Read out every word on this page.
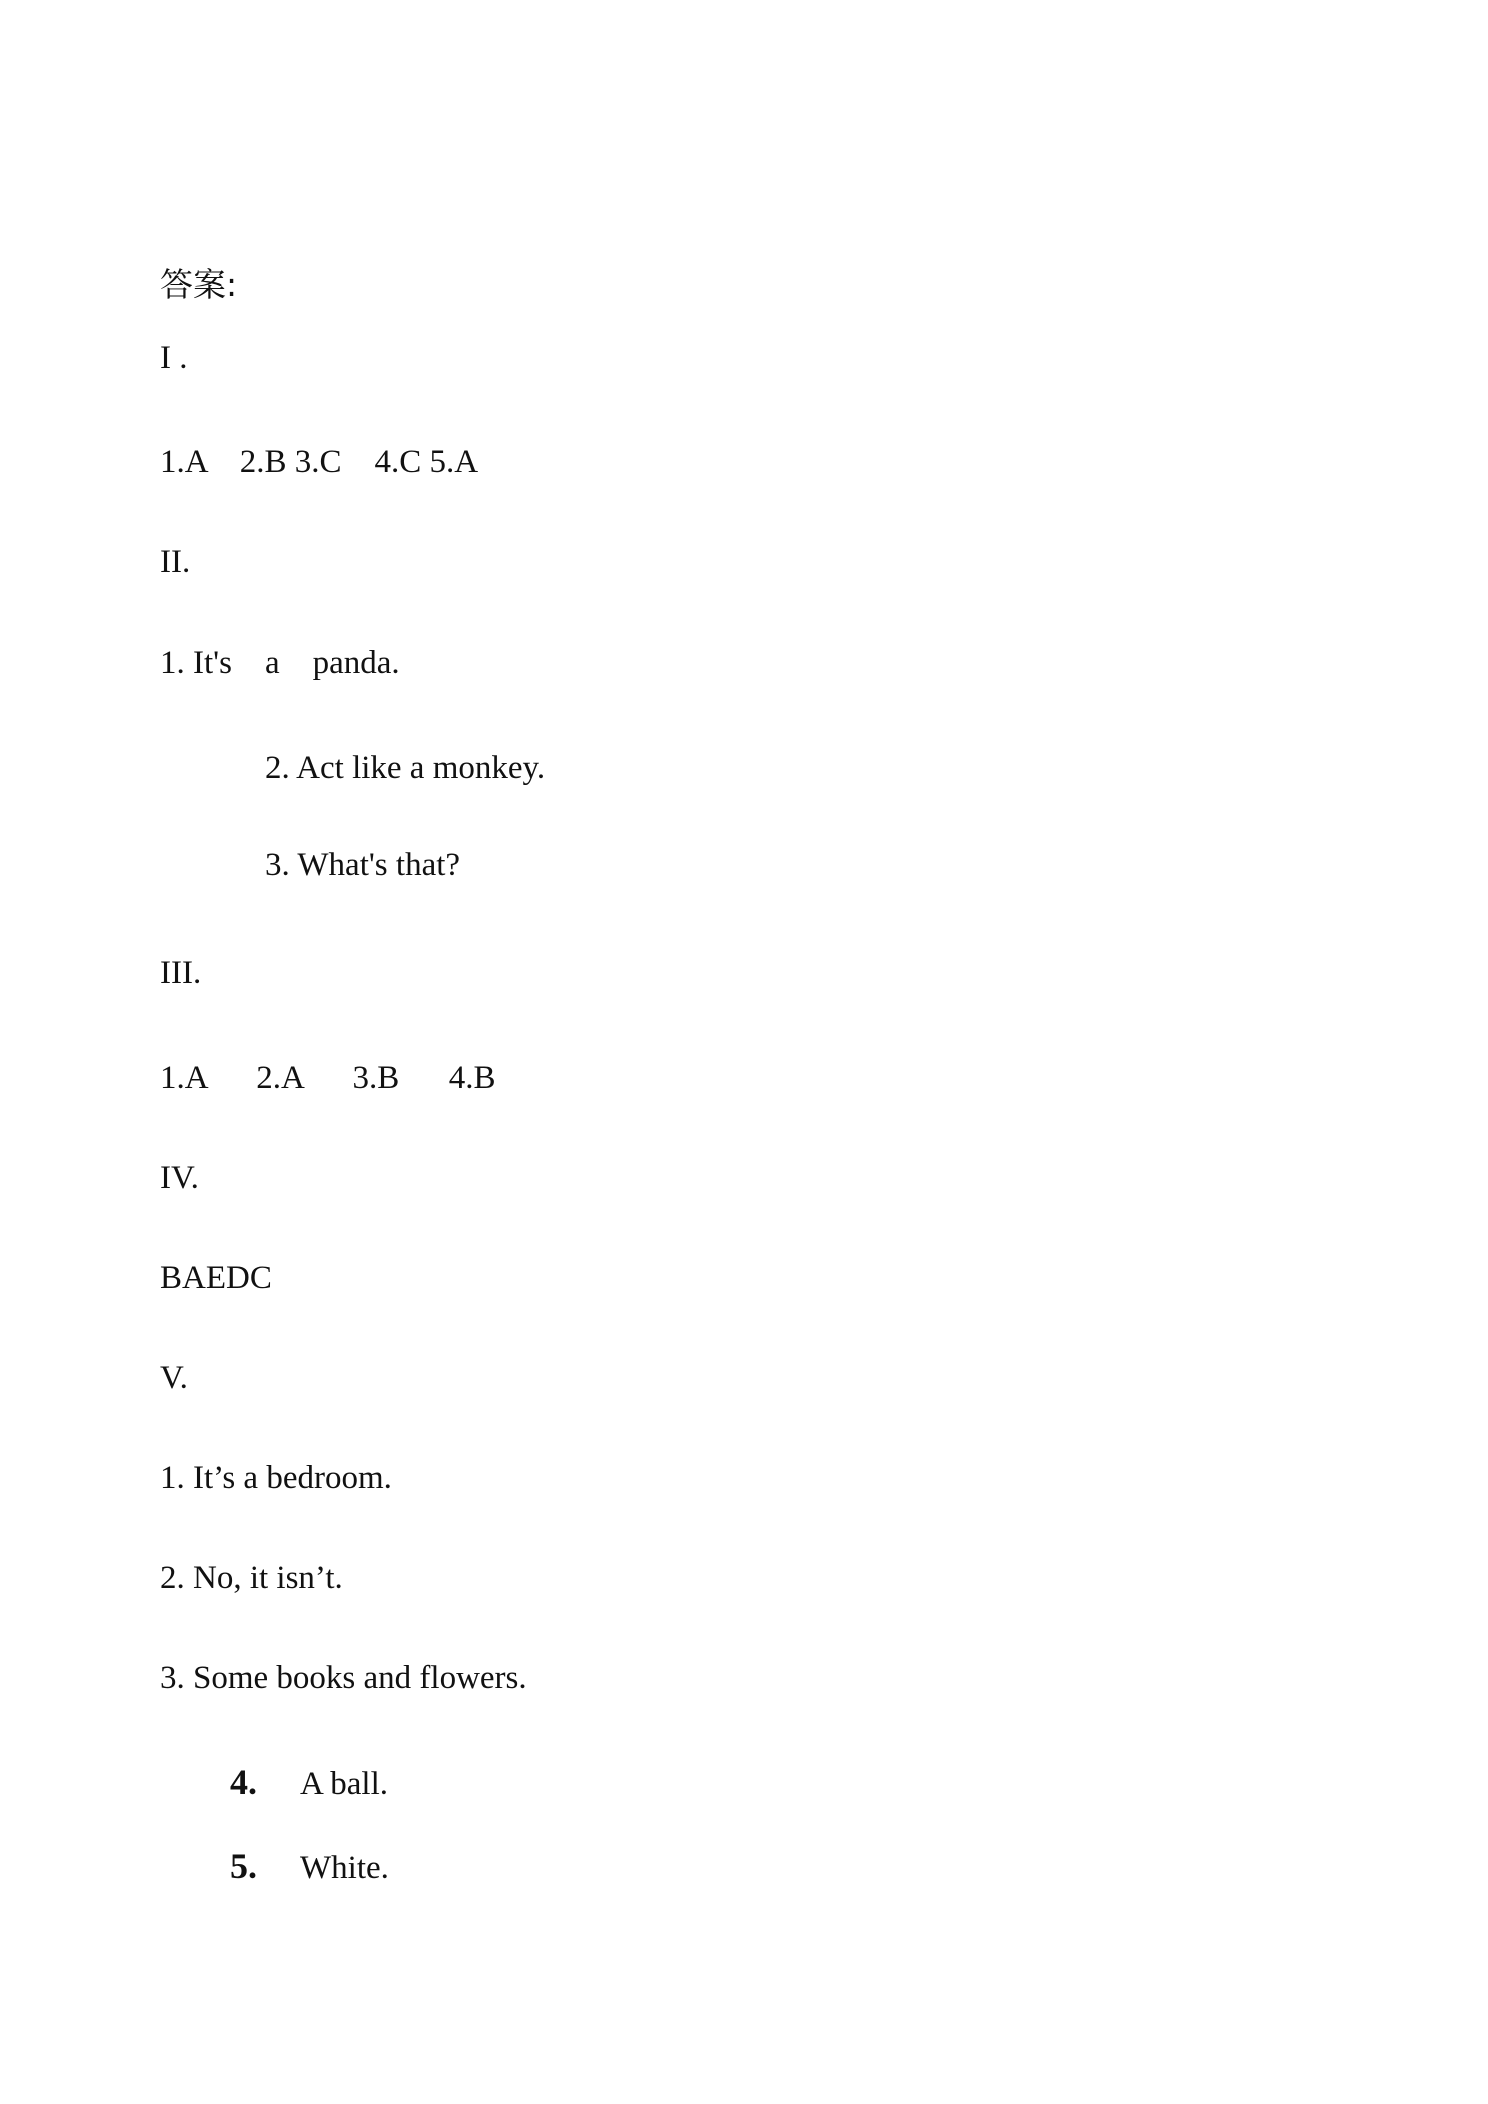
答案:
I .
1.A    2.B 3.C    4.C 5.A
II.
1. It's    a    panda.
2. Act like a monkey.
3. What's that?
III.
1.A      2.A      3.B      4.B
IV.
BAEDC
V.
1. It’s a bedroom.
2. No, it isn’t.
3. Some books and flowers.
4. A ball.
5. White.
